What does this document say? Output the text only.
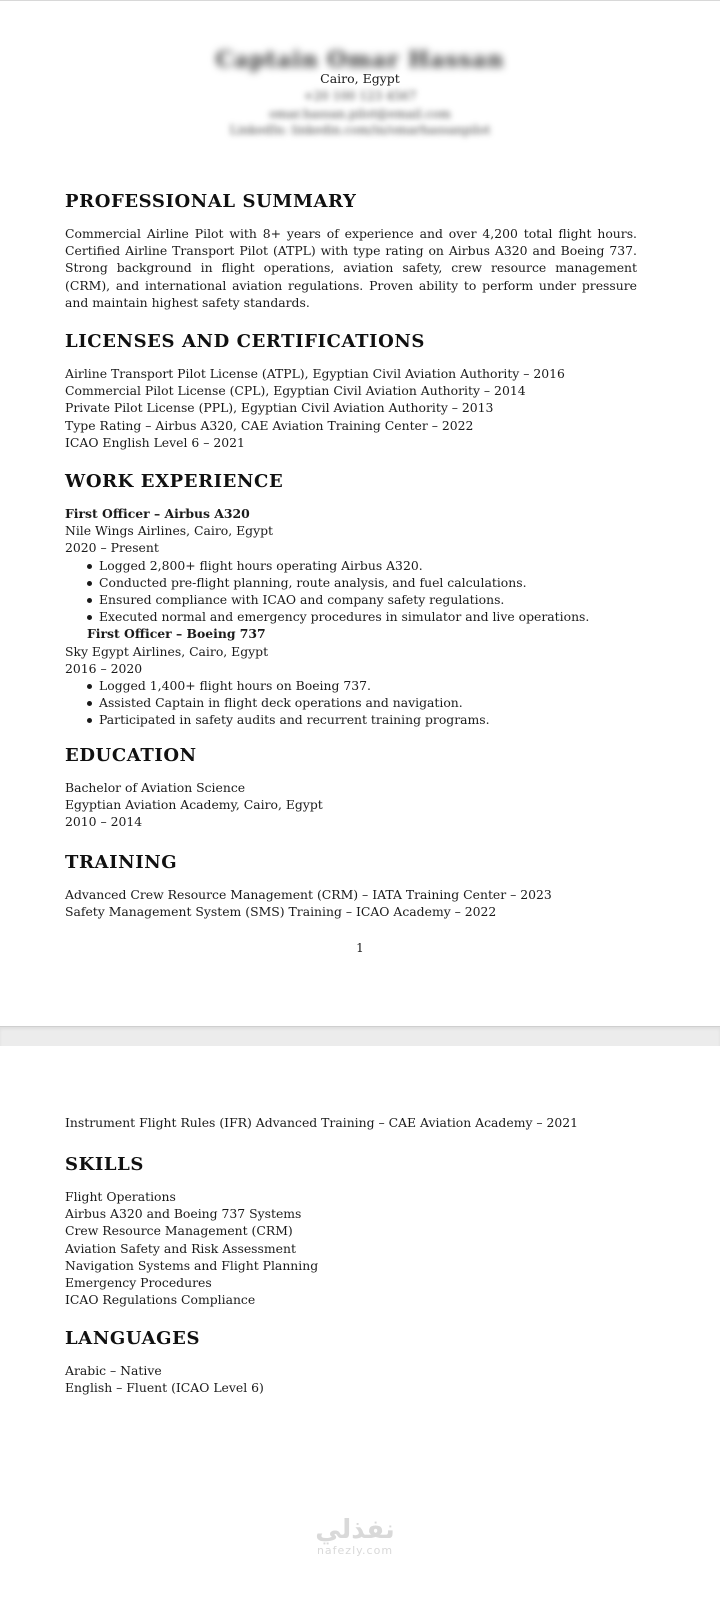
Captain Omar Hassan
Cairo, Egypt
+20 100 123 4567
omar.hassan.pilot@email.com
LinkedIn: linkedin.com/in/omarhassanpilot
PROFESSIONAL SUMMARY

Commercial Airline Pilot with 8+ years of experience and over 4,200 total flight hours. Certified Airline Transport Pilot (ATPL) with type rating on Airbus A320 and Boeing 737. Strong background in flight operations, aviation safety, crew resource management (CRM), and international aviation regulations. Proven ability to perform under pressure and maintain highest safety standards.

LICENSES AND CERTIFICATIONS

Airline Transport Pilot License (ATPL), Egyptian Civil Aviation Authority – 2016

Commercial Pilot License (CPL), Egyptian Civil Aviation Authority – 2014

Private Pilot License (PPL), Egyptian Civil Aviation Authority – 2013

Type Rating – Airbus A320, CAE Aviation Training Center – 2022

ICAO English Level 6 – 2021

WORK EXPERIENCE

First Officer – Airbus A320

Nile Wings Airlines, Cairo, Egypt

2020 – Present

Logged 2,800+ flight hours operating Airbus A320.
Conducted pre-flight planning, route analysis, and fuel calculations.
Ensured compliance with ICAO and company safety regulations.
Executed normal and emergency procedures in simulator and live operations.

First Officer – Boeing 737

Sky Egypt Airlines, Cairo, Egypt

2016 – 2020

Logged 1,400+ flight hours on Boeing 737.
Assisted Captain in flight deck operations and navigation.
Participated in safety audits and recurrent training programs.
EDUCATION

Bachelor of Aviation Science

Egyptian Aviation Academy, Cairo, Egypt

2010 – 2014

TRAINING

Advanced Crew Resource Management (CRM) – IATA Training Center – 2023

Safety Management System (SMS) Training – ICAO Academy – 2022

1

Instrument Flight Rules (IFR) Advanced Training – CAE Aviation Academy – 2021

SKILLS

Flight Operations

Airbus A320 and Boeing 737 Systems

Crew Resource Management (CRM)

Aviation Safety and Risk Assessment

Navigation Systems and Flight Planning

Emergency Procedures

ICAO Regulations Compliance

LANGUAGES

Arabic – Native

English – Fluent (ICAO Level 6)

نفذلي
nafezly.com
